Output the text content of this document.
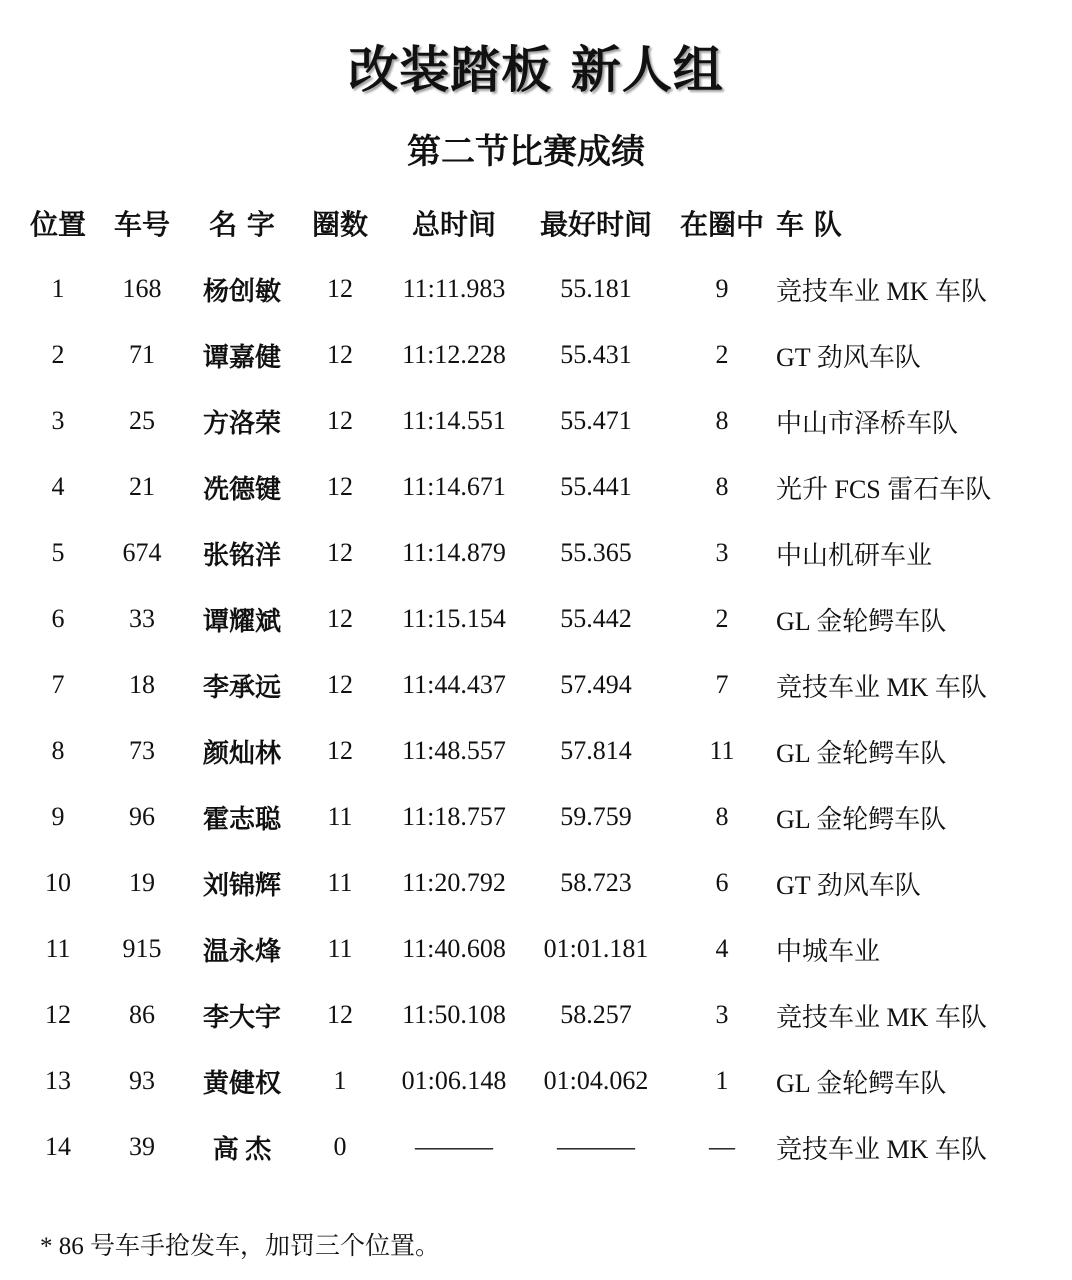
改装踏板 新人组
第二节比赛成绩
位置	车号	名 字	圈数	总时间	最好时间	在圈中	车 队
1	168	杨创敏	12	11:11.983	55.181	9	竞技车业 MK 车队
2	71	谭嘉健	12	11:12.228	55.431	2	GT 劲风车队
3	25	方洛荣	12	11:14.551	55.471	8	中山市泽桥车队
4	21	冼德键	12	11:14.671	55.441	8	光升 FCS 雷石车队
5	674	张铭洋	12	11:14.879	55.365	3	中山机研车业
6	33	谭耀斌	12	11:15.154	55.442	2	GL 金轮鳄车队
7	18	李承远	12	11:44.437	57.494	7	竞技车业 MK 车队
8	73	颜灿林	12	11:48.557	57.814	11	GL 金轮鳄车队
9	96	霍志聪	11	11:18.757	59.759	8	GL 金轮鳄车队
10	19	刘锦辉	11	11:20.792	58.723	6	GT 劲风车队
11	915	温永烽	11	11:40.608	01:01.181	4	中城车业
12	86	李大宇	12	11:50.108	58.257	3	竞技车业 MK 车队
13	93	黄健权	1	01:06.148	01:04.062	1	GL 金轮鳄车队
14	39	高 杰	0	———	———	—	竞技车业 MK 车队
* 86 号车手抢发车，加罚三个位置。
